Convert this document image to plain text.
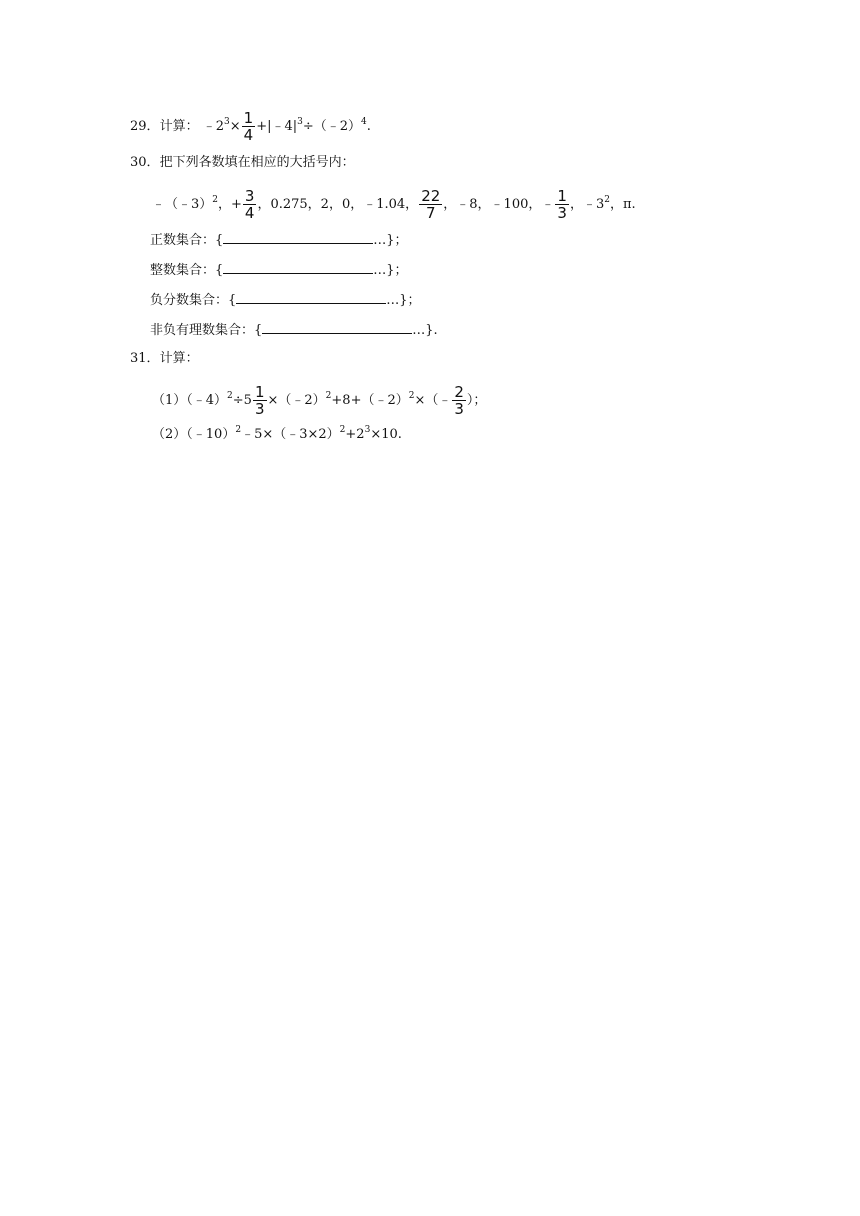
29．计算： $﹣2^3\times \frac{1}{4}$ $+|﹣4|^3\div(﹣2)^4$.
30．把下列各数填在相应的大括号内：
﹣（﹣3）$^2$，+ $\frac{3}{4}$ ，0.275，2，0，﹣1.04， $\frac{22}{7}$ ，﹣8，﹣100，﹣ $\frac{1}{3}$ ，$﹣3^2$，π.
正数集合：{	…}；
整数集合：{	…}；
负分数集合：{	…}；
非负有理数集合：{	…}.
31．计算：
（1）（﹣4）$^2$÷5 $\frac{1}{3}$ ×（﹣2）$^2$+8+（﹣2）$^2$×（﹣ $\frac{2}{3}$ ）；
$(2)(﹣10)^2﹣5\times(﹣3\times 2)^2+2^3\times 10$.
